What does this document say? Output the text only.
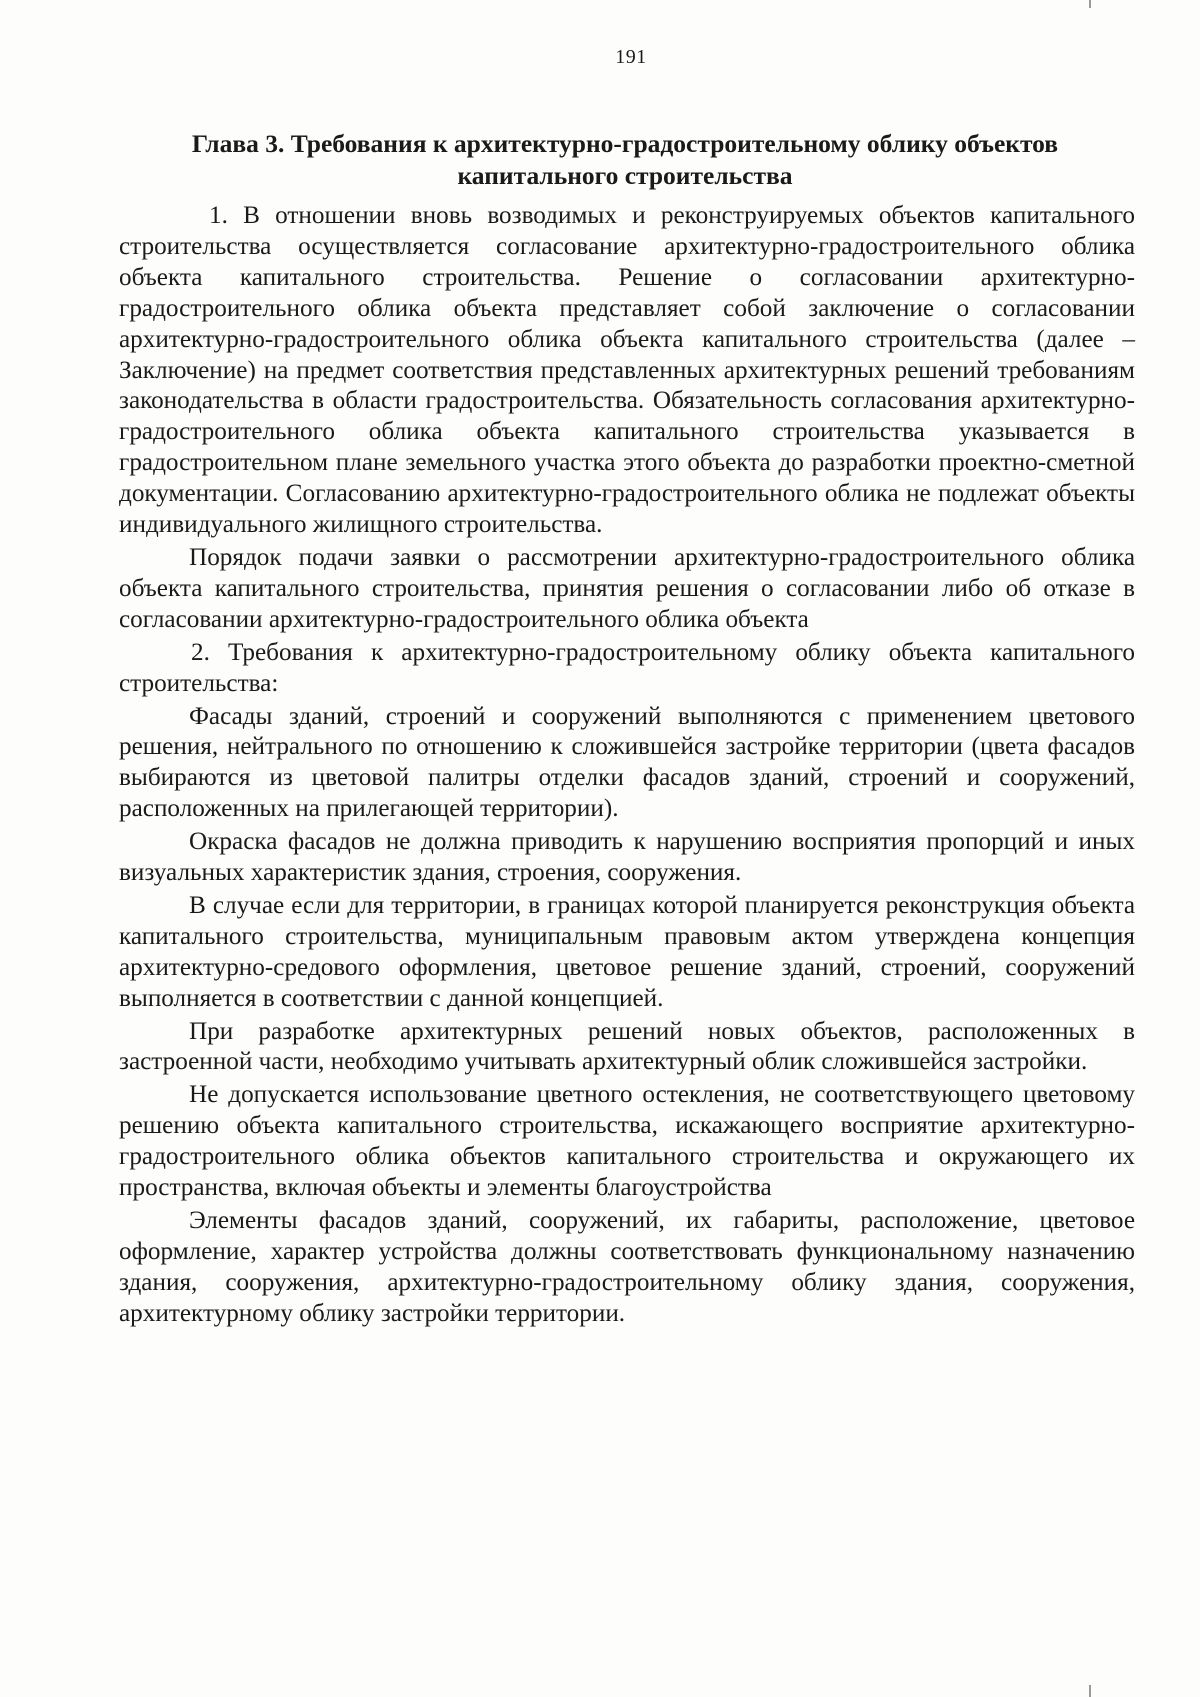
191
Глава 3. Требования к архитектурно-градостроительному облику объектов капитального строительства

1. В отношении вновь возводимых и реконструируемых объектов капитального строительства осуществляется согласование архитектурно-градостроительного облика объекта капитального строительства. Решение о согласовании архитектурно-градостроительного облика объекта представляет собой заключение о согласовании архитектурно-градостроительного облика объекта капитального строительства (далее – Заключение) на предмет соответствия представленных архитектурных решений требованиям законодательства в области градостроительства. Обязательность согласования архитектурно-градостроительного облика объекта капитального строительства указывается в градостроительном плане земельного участка этого объекта до разработки проектно-сметной документации. Согласованию архитектурно-градостроительного облика не подлежат объекты индивидуального жилищного строительства.

Порядок подачи заявки о рассмотрении архитектурно-градостроительного облика объекта капитального строительства, принятия решения о согласовании либо об отказе в согласовании архитектурно-градостроительного облика объекта

2. Требования к архитектурно-градостроительному облику объекта капитального строительства:

Фасады зданий, строений и сооружений выполняются с применением цветового решения, нейтрального по отношению к сложившейся застройке территории (цвета фасадов выбираются из цветовой палитры отделки фасадов зданий, строений и сооружений, расположенных на прилегающей территории).

Окраска фасадов не должна приводить к нарушению восприятия пропорций и иных визуальных характеристик здания, строения, сооружения.

В случае если для территории, в границах которой планируется реконструкция объекта капитального строительства, муниципальным правовым актом утверждена концепция архитектурно-средового оформления, цветовое решение зданий, строений, сооружений выполняется в соответствии с данной концепцией.

При разработке архитектурных решений новых объектов, расположенных в застроенной части, необходимо учитывать архитектурный облик сложившейся застройки.

Не допускается использование цветного остекления, не соответствующего цветовому решению объекта капитального строительства, искажающего восприятие архитектурно-градостроительного облика объектов капитального строительства и окружающего их пространства, включая объекты и элементы благоустройства

Элементы фасадов зданий, сооружений, их габариты, расположение, цветовое оформление, характер устройства должны соответствовать функциональному назначению здания, сооружения, архитектурно-градостроительному облику здания, сооружения, архитектурному облику застройки территории.
